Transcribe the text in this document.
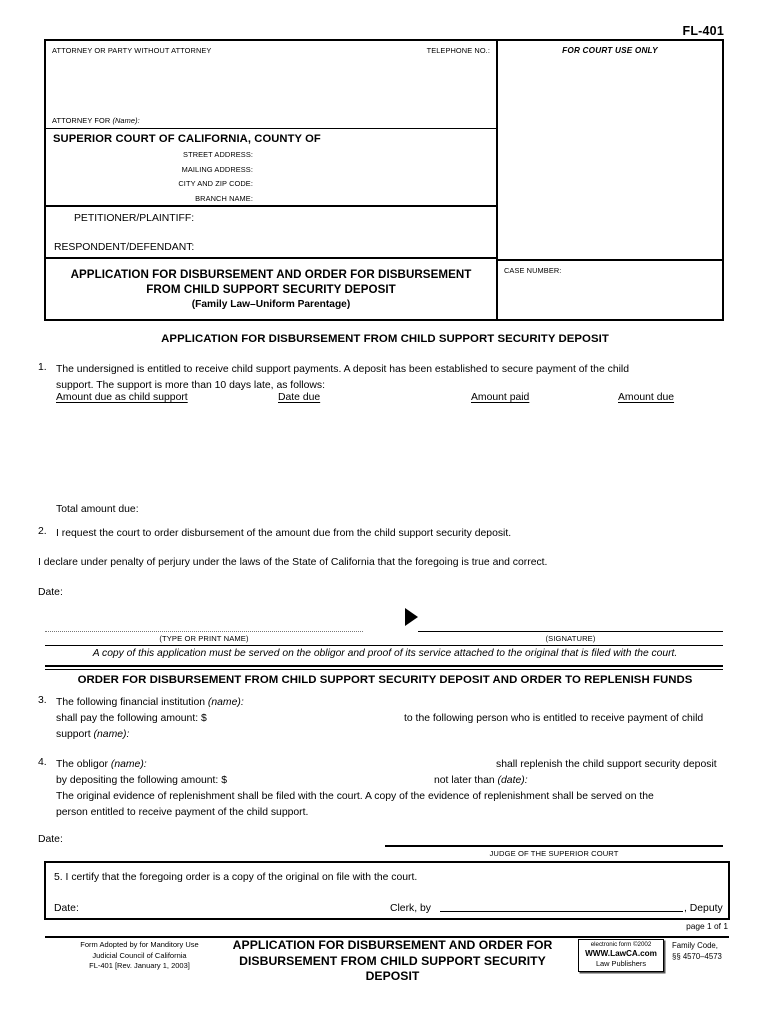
FL-401
ATTORNEY OR PARTY WITHOUT ATTORNEY	TELEPHONE NO.:
ATTORNEY FOR (Name):
SUPERIOR COURT OF CALIFORNIA, COUNTY OF
STREET ADDRESS:
MAILING ADDRESS:
CITY AND ZIP CODE:
BRANCH NAME:
PETITIONER/PLAINTIFF:
RESPONDENT/DEFENDANT:
APPLICATION FOR DISBURSEMENT AND ORDER FOR DISBURSEMENT
FROM CHILD SUPPORT SECURITY DEPOSIT
(Family Law–Uniform Parentage)
FOR COURT USE ONLY
CASE NUMBER:
APPLICATION FOR DISBURSEMENT FROM CHILD SUPPORT SECURITY DEPOSIT
1. The undersigned is entitled to receive child support payments. A deposit has been established to secure payment of the child
support. The support is more than 10 days late, as follows:
Amount due as child support	Date due	Amount paid	Amount due
Total amount due:
2. I request the court to order disbursement of the amount due from the child support security deposit.
I declare under penalty of perjury under the laws of the State of California that the foregoing is true and correct.
Date:
(TYPE OR PRINT NAME)	(SIGNATURE)
A copy of this application must be served on the obligor and proof of its service attached to the original that is filed with the court.
ORDER FOR DISBURSEMENT FROM CHILD SUPPORT SECURITY DEPOSIT AND ORDER TO REPLENISH FUNDS
3. The following financial institution (name):
shall pay the following amount: $	to the following person who is entitled to receive payment of child
support (name):
4. The obligor (name):	shall replenish the child support security deposit
by depositing the following amount: $	not later than (date):
The original evidence of replenishment shall be filed with the court. A copy of the evidence of replenishment shall be served on the
person entitled to receive payment of the child support.
Date:
JUDGE OF THE SUPERIOR COURT
5. I certify that the foregoing order is a copy of the original on file with the court.
Date:	Clerk, by	, Deputy
page 1 of 1
Form Adopted by for Manditory Use
Judicial Council of California
FL-401 [Rev. January 1, 2003]
APPLICATION FOR DISBURSEMENT AND ORDER FOR
DISBURSEMENT FROM CHILD SUPPORT SECURITY DEPOSIT
electronic form ©2002
WWW.LawCA.com
Law Publishers
Family Code,
§§ 4570–4573
